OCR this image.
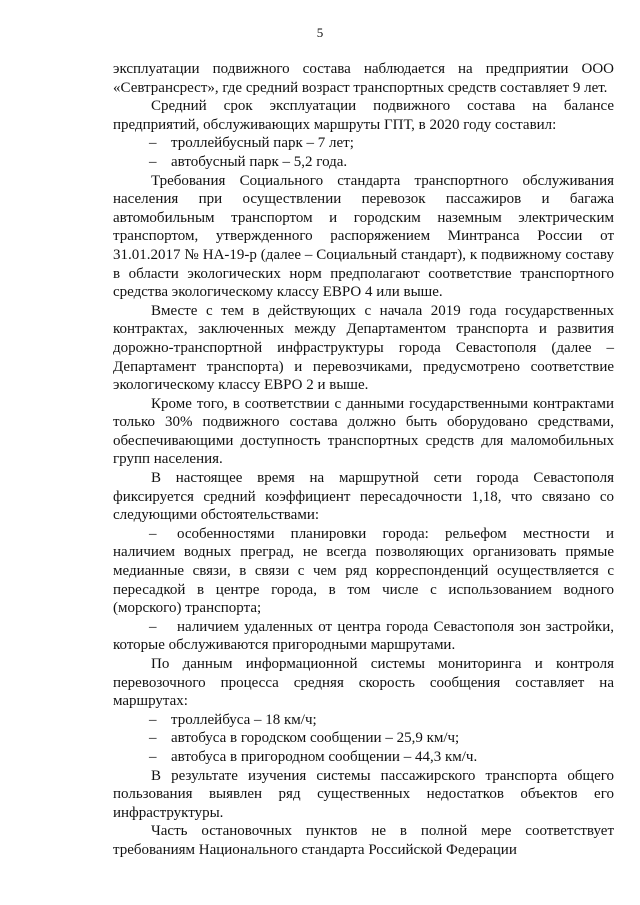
5

эксплуатации подвижного состава наблюдается на предприятии ООО «Севтрансрест», где средний возраст транспортных средств составляет 9 лет.

Средний срок эксплуатации подвижного состава на балансе предприятий, обслуживающих маршруты ГПТ, в 2020 году составил:

– троллейбусный парк – 7 лет;
– автобусный парк – 5,2 года.

Требования Социального стандарта транспортного обслуживания населения при осуществлении перевозок пассажиров и багажа автомобильным транспортом и городским наземным электрическим транспортом, утвержденного распоряжением Минтранса России от 31.01.2017 № НА-19-р (далее – Социальный стандарт), к подвижному составу в области экологических норм предполагают соответствие транспортного средства экологическому классу ЕВРО 4 или выше.

Вместе с тем в действующих с начала 2019 года государственных контрактах, заключенных между Департаментом транспорта и развития дорожно-транспортной инфраструктуры города Севастополя (далее – Департамент транспорта) и перевозчиками, предусмотрено соответствие экологическому классу ЕВРО 2 и выше.

Кроме того, в соответствии с данными государственными контрактами только 30% подвижного состава должно быть оборудовано средствами, обеспечивающими доступность транспортных средств для маломобильных групп населения.

В настоящее время на маршрутной сети города Севастополя фиксируется средний коэффициент пересадочности 1,18, что связано со следующими обстоятельствами:

– особенностями планировки города: рельефом местности и наличием водных преград, не всегда позволяющих организовать прямые медианные связи, в связи с чем ряд корреспонденций осуществляется с пересадкой в центре города, в том числе с использованием водного (морского) транспорта;
– наличием удаленных от центра города Севастополя зон застройки, которые обслуживаются пригородными маршрутами.

По данным информационной системы мониторинга и контроля перевозочного процесса средняя скорость сообщения составляет на маршрутах:

– троллейбуса – 18 км/ч;
– автобуса в городском сообщении – 25,9 км/ч;
– автобуса в пригородном сообщении – 44,3 км/ч.

В результате изучения системы пассажирского транспорта общего пользования выявлен ряд существенных недостатков объектов его инфраструктуры.

Часть остановочных пунктов не в полной мере соответствует требованиям Национального стандарта Российской Федерации
